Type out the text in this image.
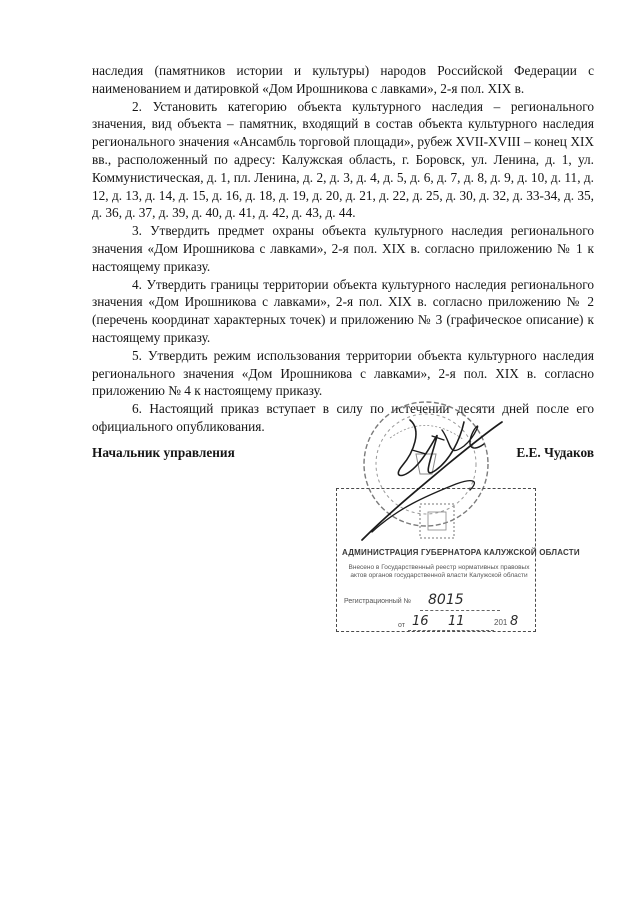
наследия (памятников истории и культуры) народов Российской Федерации с наименованием и датировкой «Дом Ирошникова с лавками», 2-я пол. XIX в.

2. Установить категорию объекта культурного наследия – регионального значения, вид объекта – памятник, входящий в состав объекта культурного наследия регионального значения «Ансамбль торговой площади», рубеж XVII-XVIII – конец XIX вв., расположенный по адресу: Калужская область, г. Боровск, ул. Ленина, д. 1, ул. Коммунистическая, д. 1, пл. Ленина, д. 2, д. 3, д. 4, д. 5, д. 6, д. 7, д. 8, д. 9, д. 10, д. 11, д. 12, д. 13, д. 14, д. 15, д. 16, д. 18, д. 19, д. 20, д. 21, д. 22, д. 25, д. 30, д. 32, д. 33-34, д. 35, д. 36, д. 37, д. 39, д. 40, д. 41, д. 42, д. 43, д. 44.

3. Утвердить предмет охраны объекта культурного наследия регионального значения «Дом Ирошникова с лавками», 2-я пол. XIX в. согласно приложению № 1 к настоящему приказу.

4. Утвердить границы территории объекта культурного наследия регионального значения «Дом Ирошникова с лавками», 2-я пол. XIX в. согласно приложению № 2 (перечень координат характерных точек) и приложению № 3 (графическое описание) к настоящему приказу.

5. Утвердить режим использования территории объекта культурного наследия регионального значения «Дом Ирошникова с лавками», 2-я пол. XIX в. согласно приложению № 4 к настоящему приказу.

6. Настоящий приказ вступает в силу по истечении десяти дней после его официального опубликования.

Начальник управления	Е.Е. Чудаков
АДМИНИСТРАЦИЯ ГУБЕРНАТОРА КАЛУЖСКОЙ ОБЛАСТИ
Внесено в Государственный реестр нормативных правовых актов органов государственной власти Калужской области
Регистрационный № 8015
от 16 11	201 8
